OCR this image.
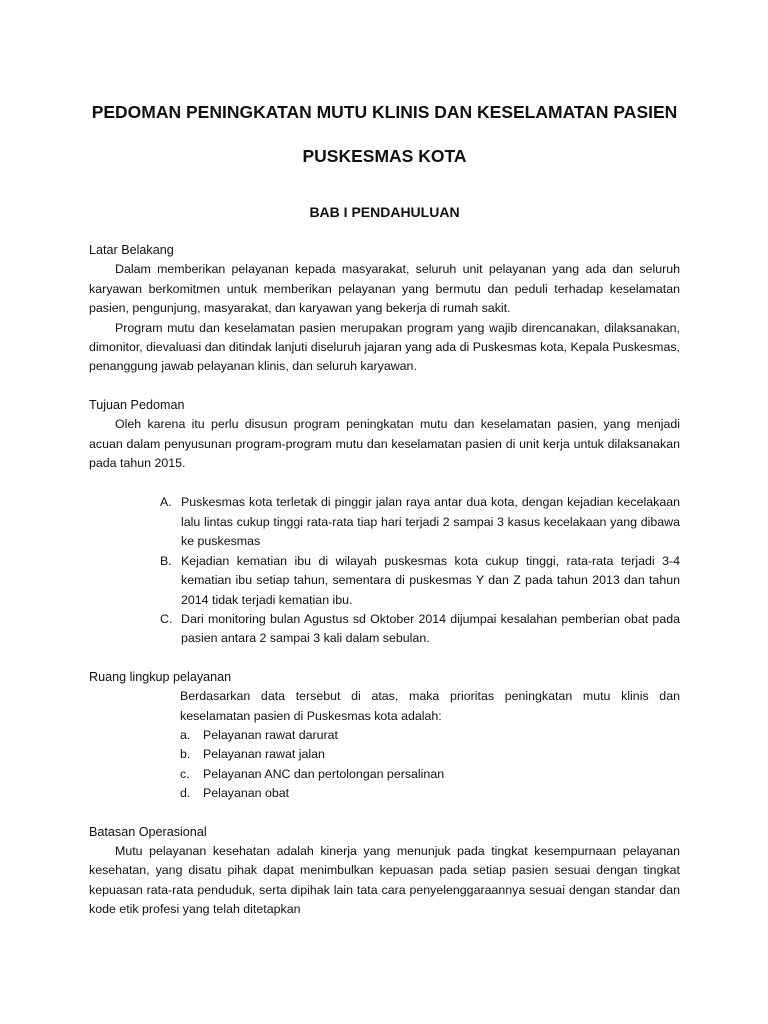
PEDOMAN PENINGKATAN MUTU KLINIS DAN KESELAMATAN PASIEN
PUSKESMAS KOTA
BAB I PENDAHULUAN

Latar Belakang

Dalam memberikan pelayanan kepada masyarakat, seluruh unit pelayanan yang ada dan seluruh karyawan berkomitmen untuk memberikan pelayanan yang bermutu dan peduli terhadap keselamatan pasien, pengunjung, masyarakat, dan karyawan yang bekerja di rumah sakit.

Program mutu dan keselamatan pasien merupakan program yang wajib direncanakan, dilaksanakan, dimonitor, dievaluasi dan ditindak lanjuti diseluruh jajaran yang ada di Puskesmas kota, Kepala Puskesmas, penanggung jawab pelayanan klinis, dan seluruh karyawan.

Tujuan Pedoman

Oleh karena itu perlu disusun program peningkatan mutu dan keselamatan pasien, yang menjadi acuan dalam penyusunan program-program mutu dan keselamatan pasien di unit kerja untuk dilaksanakan pada tahun 2015.

A. Puskesmas kota terletak di pinggir jalan raya antar dua kota, dengan kejadian kecelakaan lalu lintas cukup tinggi rata-rata tiap hari terjadi 2 sampai 3 kasus kecelakaan yang dibawa ke puskesmas
B. Kejadian kematian ibu di wilayah puskesmas kota cukup tinggi, rata-rata terjadi 3-4 kematian ibu setiap tahun, sementara di puskesmas Y dan Z pada tahun 2013 dan tahun 2014 tidak terjadi kematian ibu.
C. Dari monitoring bulan Agustus sd Oktober 2014 dijumpai kesalahan pemberian obat pada pasien antara 2 sampai 3 kali dalam sebulan.

Ruang lingkup pelayanan

Berdasarkan data tersebut di atas, maka prioritas peningkatan mutu klinis dan keselamatan pasien di Puskesmas kota adalah:

a. Pelayanan rawat darurat
b. Pelayanan rawat jalan
c. Pelayanan ANC dan pertolongan persalinan
d. Pelayanan obat

Batasan Operasional

Mutu pelayanan kesehatan adalah kinerja yang menunjuk pada tingkat kesempurnaan pelayanan kesehatan, yang disatu pihak dapat menimbulkan kepuasan pada setiap pasien sesuai dengan tingkat kepuasan rata-rata penduduk, serta dipihak lain tata cara penyelenggaraannya sesuai dengan standar dan kode etik profesi yang telah ditetapkan
